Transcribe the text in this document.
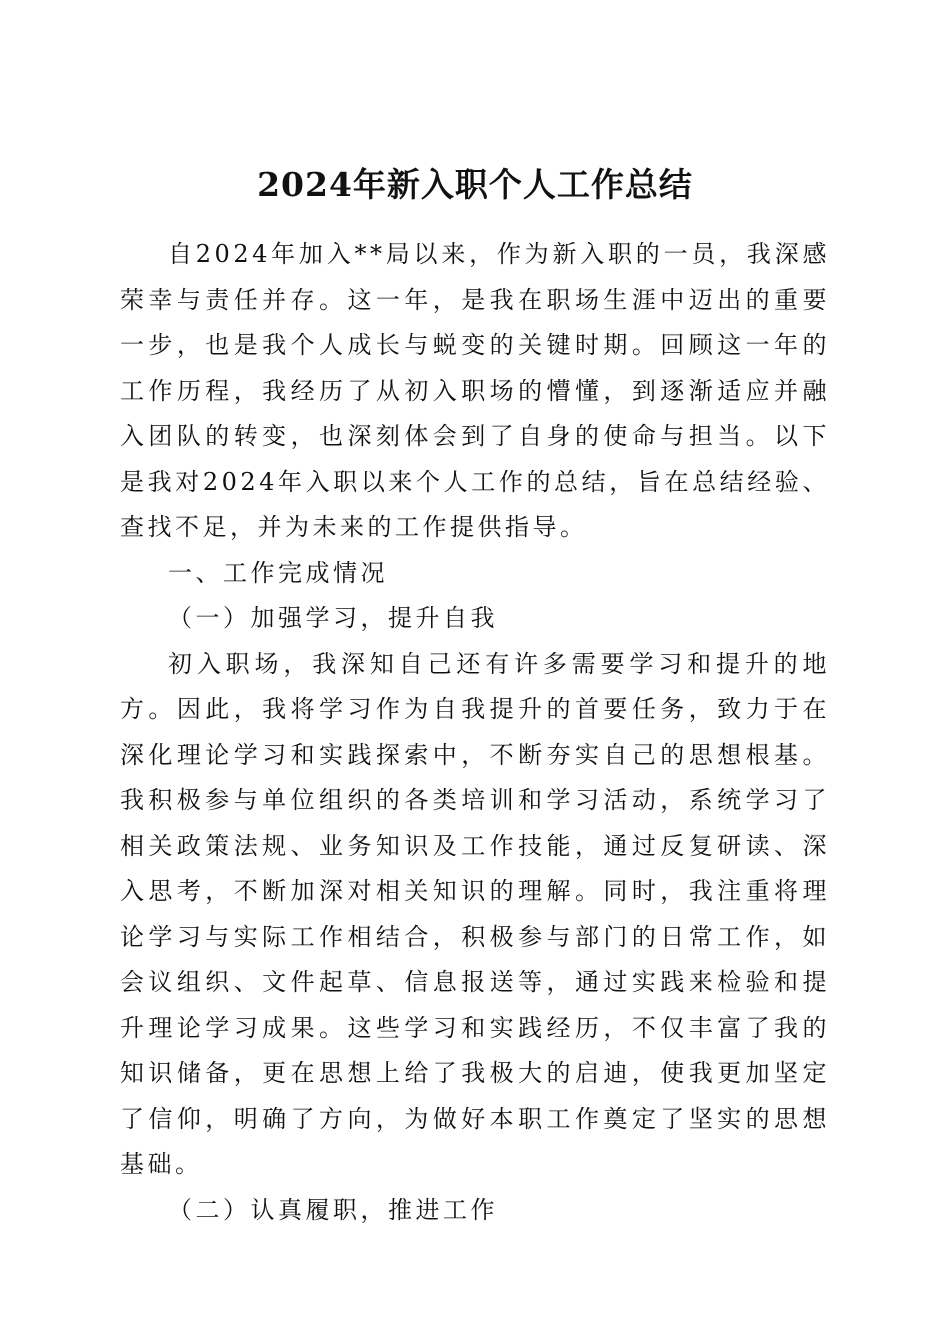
2024年新入职个人工作总结

自2024年加入**局以来，作为新入职的一员，我深感荣幸与责任并存。这一年，是我在职场生涯中迈出的重要一步，也是我个人成长与蜕变的关键时期。回顾这一年的工作历程，我经历了从初入职场的懵懂，到逐渐适应并融入团队的转变，也深刻体会到了自身的使命与担当。以下是我对2024年入职以来个人工作的总结，旨在总结经验、查找不足，并为未来的工作提供指导。

一、工作完成情况

（一）加强学习，提升自我

初入职场，我深知自己还有许多需要学习和提升的地方。因此，我将学习作为自我提升的首要任务，致力于在深化理论学习和实践探索中，不断夯实自己的思想根基。我积极参与单位组织的各类培训和学习活动，系统学习了相关政策法规、业务知识及工作技能，通过反复研读、深入思考，不断加深对相关知识的理解。同时，我注重将理论学习与实际工作相结合，积极参与部门的日常工作，如会议组织、文件起草、信息报送等，通过实践来检验和提升理论学习成果。这些学习和实践经历，不仅丰富了我的知识储备，更在思想上给了我极大的启迪，使我更加坚定了信仰，明确了方向，为做好本职工作奠定了坚实的思想基础。

（二）认真履职，推进工作
